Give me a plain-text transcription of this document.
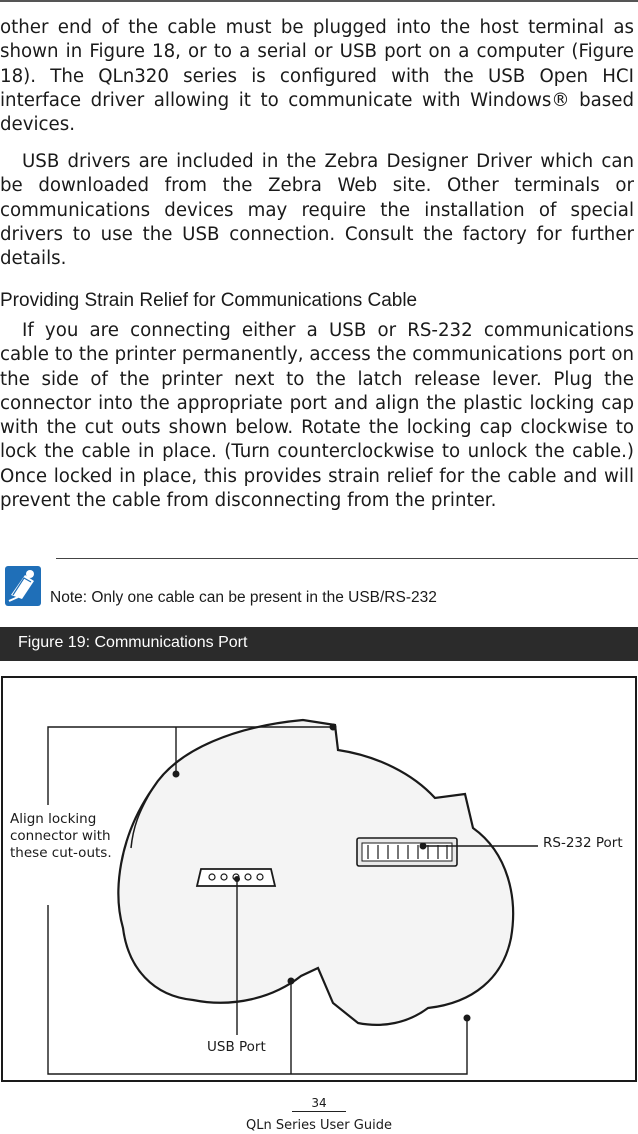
other end of the cable must be plugged into the host terminal as shown in Figure 18, or to a serial or USB port on a computer (Figure 18). The QLn320 series is configured with the USB Open HCI interface driver allowing it to communicate with Windows® based devices.

USB drivers are included in the Zebra Designer Driver which can be downloaded from the Zebra Web site. Other terminals or communications devices may require the installation of special drivers to use the USB connection. Consult the factory for further details.

Providing Strain Relief for Communications Cable

If you are connecting either a USB or RS-232 communications cable to the printer permanently, access the communications port on the side of the printer next to the latch release lever. Plug the connector into the appropriate port and align the plastic locking cap with the cut outs shown below. Rotate the locking cap clockwise to lock the cable in place. (Turn counterclockwise to unlock the cable.) Once locked in place, this provides strain relief for the cable and will prevent the cable from disconnecting from the printer.

Note: Only one cable can be present in the USB/RS-232
Figure 19: Communications Port
Align locking connector with these cut-outs.
RS-232 Port
USB Port
34
QLn Series User Guide
